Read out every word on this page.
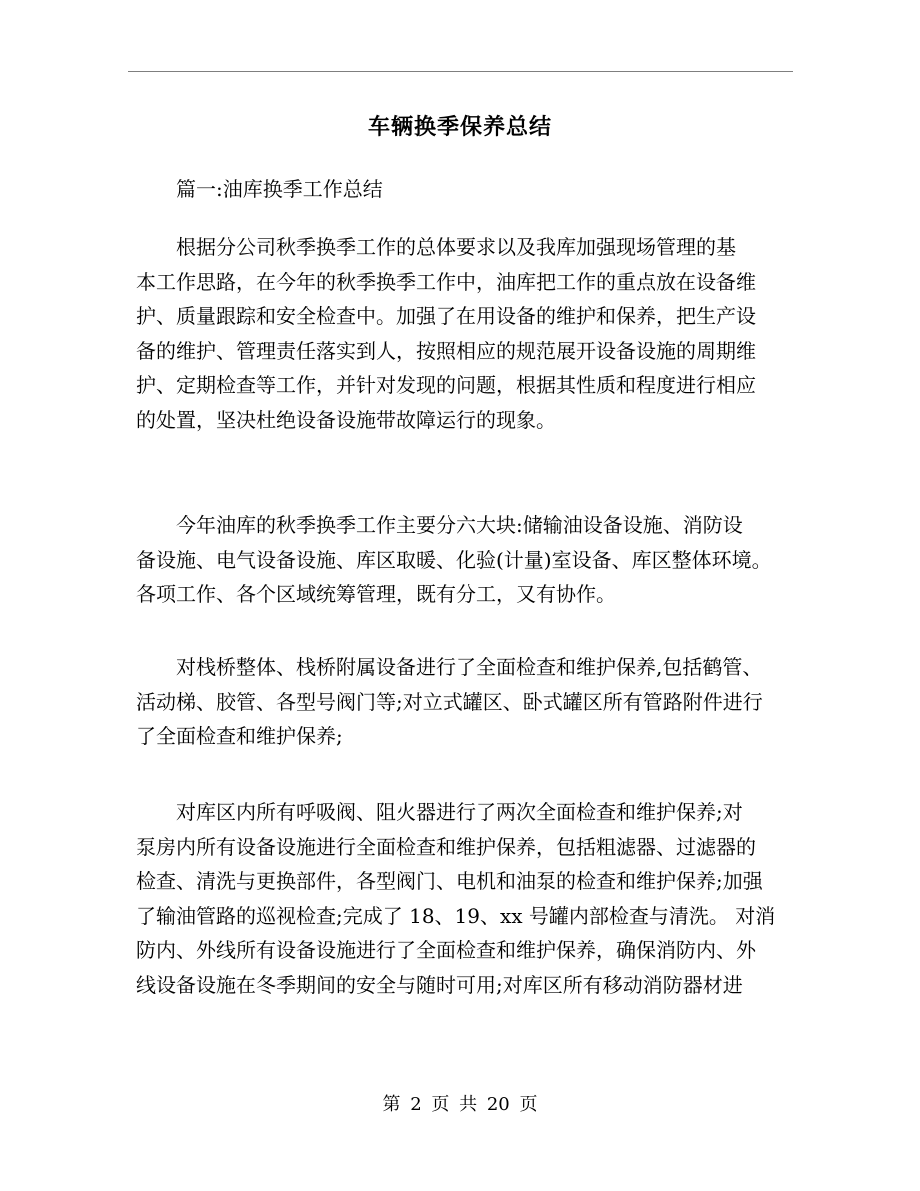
车辆换季保养总结
篇一:油库换季工作总结
根据分公司秋季换季工作的总体要求以及我库加强现场管理的基
本工作思路，在今年的秋季换季工作中，油库把工作的重点放在设备维
护、质量跟踪和安全检查中。加强了在用设备的维护和保养，把生产设
备的维护、管理责任落实到人，按照相应的规范展开设备设施的周期维
护、定期检查等工作，并针对发现的问题，根据其性质和程度进行相应
的处置，坚决杜绝设备设施带故障运行的现象。
今年油库的秋季换季工作主要分六大块:储输油设备设施、消防设
备设施、电气设备设施、库区取暖、化验(计量)室设备、库区整体环境。
各项工作、各个区域统筹管理，既有分工，又有协作。
对栈桥整体、栈桥附属设备进行了全面检查和维护保养,包括鹤管、
活动梯、胶管、各型号阀门等;对立式罐区、卧式罐区所有管路附件进行
了全面检查和维护保养;
对库区内所有呼吸阀、阻火器进行了两次全面检查和维护保养;对
泵房内所有设备设施进行全面检查和维护保养，包括粗滤器、过滤器的
检查、清洗与更换部件，各型阀门、电机和油泵的检查和维护保养;加强
了输油管路的巡视检查;完成了 18、19、xx 号罐内部检查与清洗。 对消
防内、外线所有设备设施进行了全面检查和维护保养，确保消防内、外
线设备设施在冬季期间的安全与随时可用;对库区所有移动消防器材进
第 2 页 共 20 页
